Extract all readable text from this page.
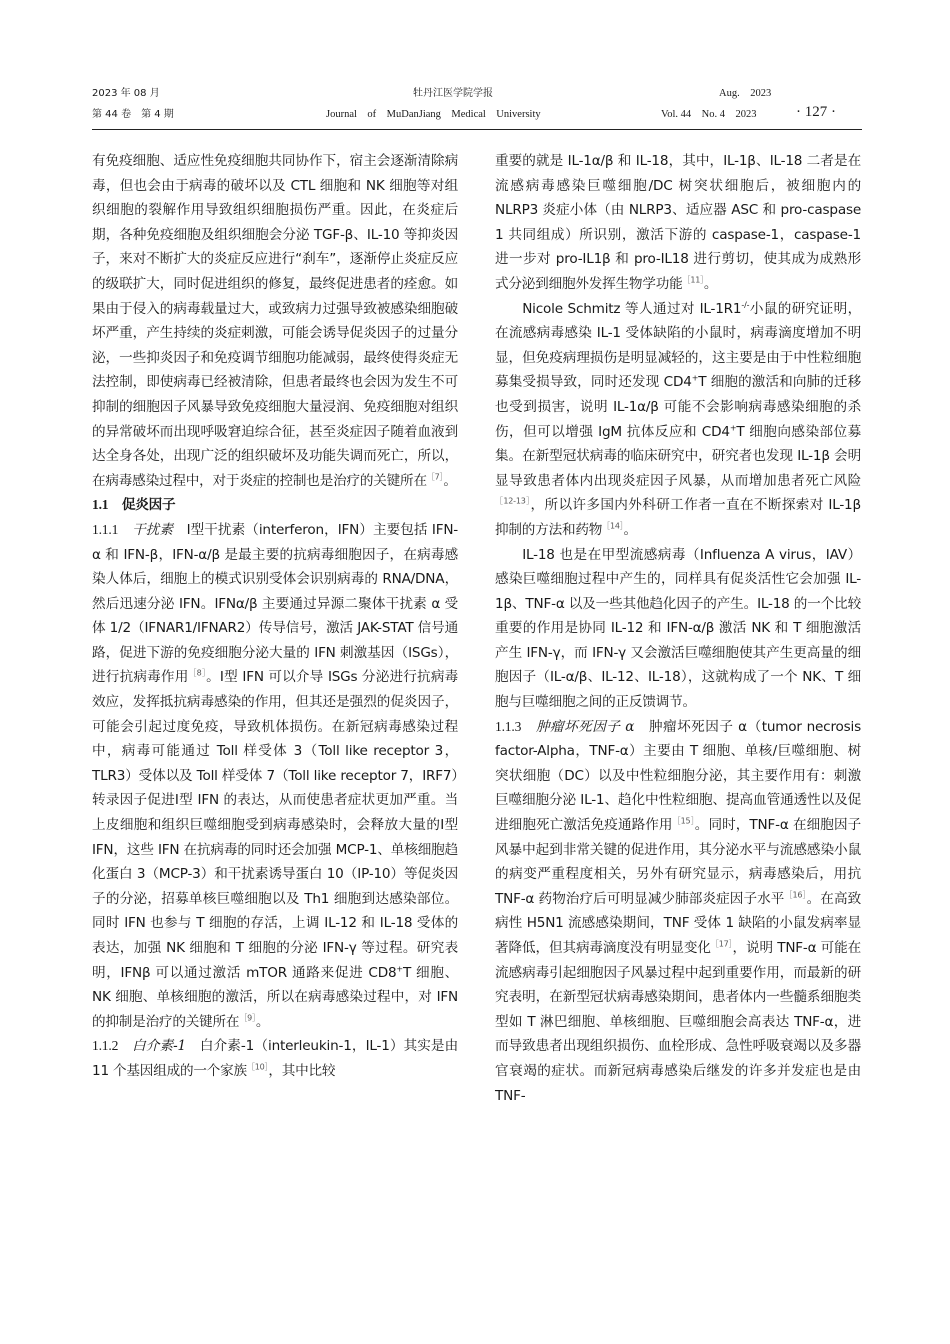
2023 年 08 月
第 44 卷　第 4 期
牡丹江医学院学报
Journal　of　MuDanJiang　Medical　University
Aug.　2023
Vol. 44　No. 4　2023	· 127 ·

有免疫细胞、适应性免疫细胞共同协作下，宿主会逐渐清除病毒，但也会由于病毒的破坏以及 CTL 细胞和 NK 细胞等对组织细胞的裂解作用导致组织细胞损伤严重。因此，在炎症后期，各种免疫细胞及组织细胞会分泌 TGF-β、IL-10 等抑炎因子，来对不断扩大的炎症反应进行“刹车”，逐渐停止炎症反应的级联扩大，同时促进组织的修复，最终促进患者的痊愈。如果由于侵入的病毒载量过大，或致病力过强导致被感染细胞破坏严重，产生持续的炎症刺激，可能会诱导促炎因子的过量分泌，一些抑炎因子和免疫调节细胞功能减弱，最终使得炎症无法控制，即使病毒已经被清除，但患者最终也会因为发生不可抑制的细胞因子风暴导致免疫细胞大量浸润、免疫细胞对组织的异常破坏而出现呼吸窘迫综合征，甚至炎症因子随着血液到达全身各处，出现广泛的组织破坏及功能失调而死亡，所以，在病毒感染过程中，对于炎症的控制也是治疗的关键所在$^{[7]}$。

1.1　 促炎因子

1.1.1　 干扰素　 Ⅰ型干扰素（interferon，IFN）主要包括 IFN-α 和 IFN-β，IFN-α/β 是最主要的抗病毒细胞因子，在病毒感染人体后，细胞上的模式识别受体会识别病毒的 RNA/DNA，然后迅速分泌 IFN。IFNα/β 主要通过异源二聚体干扰素 α 受体 1/2（IFNAR1/IFNAR2）传导信号，激活 JAK-STAT 信号通路，促进下游的免疫细胞分泌大量的 IFN 刺激基因（ISGs），进行抗病毒作用$^{[8]}$。Ⅰ型 IFN 可以介导 ISGs 分泌进行抗病毒效应，发挥抵抗病毒感染的作用，但其还是强烈的促炎因子，可能会引起过度免疫，导致机体损伤。在新冠病毒感染过程中，病毒可能通过 Toll 样受体 3（Toll like receptor 3，TLR3）受体以及 Toll 样受体 7（Toll like receptor 7，IRF7）转录因子促进Ⅰ型 IFN 的表达，从而使患者症状更加严重。当上皮细胞和组织巨噬细胞受到病毒感染时，会释放大量的Ⅰ型 IFN，这些 IFN 在抗病毒的同时还会加强 MCP-1、单核细胞趋化蛋白 3（MCP-3）和干扰素诱导蛋白 10（IP-10）等促炎因子的分泌，招募单核巨噬细胞以及 Th1 细胞到达感染部位。同时 IFN 也参与 T 细胞的存活，上调 IL-12 和 IL-18 受体的表达，加强 NK 细胞和 T 细胞的分泌 IFN-γ 等过程。研究表明，IFNβ 可以通过激活 mTOR 通路来促进 CD8+T 细胞、NK 细胞、单核细胞的激活，所以在病毒感染过程中，对 IFN 的抑制是治疗的关键所在$^{[9]}$。

1.1.2　 白介素-1　 白介素-1（interleukin-1，IL-1）其实是由 11 个基因组成的一个家族$^{[10]}$，其中比较

重要的就是 IL-1α/β 和 IL-18，其中，IL-1β、IL-18 二者是在流感病毒感染巨噬细胞/DC 树突状细胞后，被细胞内的 NLRP3 炎症小体（由 NLRP3、适应器 ASC 和 pro-caspase 1 共同组成）所识别，激活下游的 caspase-1，caspase-1 进一步对 pro-IL1β 和 pro-IL18 进行剪切，使其成为成熟形式分泌到细胞外发挥生物学功能$^{[11]}$。

Nicole Schmitz 等人通过对 IL-1R1-/-小鼠的研究证明，在流感病毒感染 IL-1 受体缺陷的小鼠时，病毒滴度增加不明显，但免疫病理损伤是明显减轻的，这主要是由于中性粒细胞募集受损导致，同时还发现 CD4+T 细胞的激活和向肺的迁移也受到损害，说明 IL-1α/β 可能不会影响病毒感染细胞的杀伤，但可以增强 IgM 抗体反应和 CD4+T 细胞向感染部位募集。在新型冠状病毒的临床研究中，研究者也发现 IL-1β 会明显导致患者体内出现炎症因子风暴，从而增加患者死亡风险$^{[12-13]}$，所以许多国内外科研工作者一直在不断探索对 IL-1β 抑制的方法和药物$^{[14]}$。

IL-18 也是在甲型流感病毒（Influenza A virus，IAV）感染巨噬细胞过程中产生的，同样具有促炎活性它会加强 IL-1β、TNF-α 以及一些其他趋化因子的产生。IL-18 的一个比较重要的作用是协同 IL-12 和 IFN-α/β 激活 NK 和 T 细胞激活产生 IFN-γ，而 IFN-γ 又会激活巨噬细胞使其产生更高量的细胞因子（IL-α/β、IL-12、IL-18），这就构成了一个 NK、T 细胞与巨噬细胞之间的正反馈调节。

1.1.3　 肿瘤坏死因子 α　 肿瘤坏死因子 α（tumor necrosis factor-Alpha，TNF-α）主要由 T 细胞、单核/巨噬细胞、树突状细胞（DC）以及中性粒细胞分泌，其主要作用有：刺激巨噬细胞分泌 IL-1、趋化中性粒细胞、提高血管通透性以及促进细胞死亡激活免疫通路作用$^{[15]}$。同时，TNF-α 在细胞因子风暴中起到非常关键的促进作用，其分泌水平与流感感染小鼠的病变严重程度相关，另外有研究显示，病毒感染后，用抗 TNF-α 药物治疗后可明显减少肺部炎症因子水平$^{[16]}$。在高致病性 H5N1 流感感染期间，TNF 受体 1 缺陷的小鼠发病率显著降低，但其病毒滴度没有明显变化$^{[17]}$，说明 TNF-α 可能在流感病毒引起细胞因子风暴过程中起到重要作用，而最新的研究表明，在新型冠状病毒感染期间，患者体内一些髓系细胞类型如 T 淋巴细胞、单核细胞、巨噬细胞会高表达 TNF-α，进而导致患者出现组织损伤、血栓形成、急性呼吸衰竭以及多器官衰竭的症状。而新冠病毒感染后继发的许多并发症也是由 TNF-
